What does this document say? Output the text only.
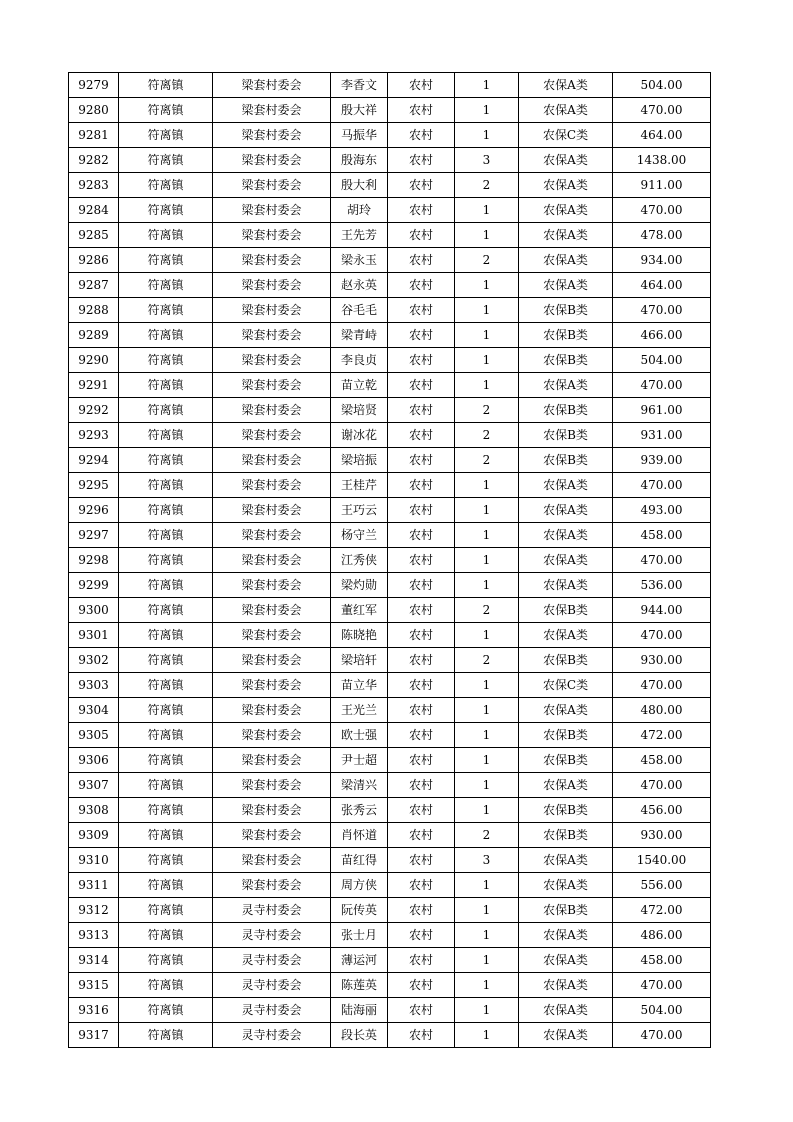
9279	符离镇	梁套村委会	李香文	农村	1	农保A类	504.00
9280	符离镇	梁套村委会	殷大祥	农村	1	农保A类	470.00
9281	符离镇	梁套村委会	马振华	农村	1	农保C类	464.00
9282	符离镇	梁套村委会	殷海东	农村	3	农保A类	1438.00
9283	符离镇	梁套村委会	殷大利	农村	2	农保A类	911.00
9284	符离镇	梁套村委会	胡玲	农村	1	农保A类	470.00
9285	符离镇	梁套村委会	王先芳	农村	1	农保A类	478.00
9286	符离镇	梁套村委会	梁永玉	农村	2	农保A类	934.00
9287	符离镇	梁套村委会	赵永英	农村	1	农保A类	464.00
9288	符离镇	梁套村委会	谷毛毛	农村	1	农保B类	470.00
9289	符离镇	梁套村委会	梁青峙	农村	1	农保B类	466.00
9290	符离镇	梁套村委会	李良贞	农村	1	农保B类	504.00
9291	符离镇	梁套村委会	苗立乾	农村	1	农保A类	470.00
9292	符离镇	梁套村委会	梁培贤	农村	2	农保B类	961.00
9293	符离镇	梁套村委会	谢冰花	农村	2	农保B类	931.00
9294	符离镇	梁套村委会	梁培振	农村	2	农保B类	939.00
9295	符离镇	梁套村委会	王桂芹	农村	1	农保A类	470.00
9296	符离镇	梁套村委会	王巧云	农村	1	农保A类	493.00
9297	符离镇	梁套村委会	杨守兰	农村	1	农保A类	458.00
9298	符离镇	梁套村委会	江秀侠	农村	1	农保A类	470.00
9299	符离镇	梁套村委会	梁灼勋	农村	1	农保A类	536.00
9300	符离镇	梁套村委会	董红军	农村	2	农保B类	944.00
9301	符离镇	梁套村委会	陈晓艳	农村	1	农保A类	470.00
9302	符离镇	梁套村委会	梁培轩	农村	2	农保B类	930.00
9303	符离镇	梁套村委会	苗立华	农村	1	农保C类	470.00
9304	符离镇	梁套村委会	王光兰	农村	1	农保A类	480.00
9305	符离镇	梁套村委会	欧士强	农村	1	农保B类	472.00
9306	符离镇	梁套村委会	尹士超	农村	1	农保B类	458.00
9307	符离镇	梁套村委会	梁清兴	农村	1	农保A类	470.00
9308	符离镇	梁套村委会	张秀云	农村	1	农保B类	456.00
9309	符离镇	梁套村委会	肖怀道	农村	2	农保B类	930.00
9310	符离镇	梁套村委会	苗红得	农村	3	农保A类	1540.00
9311	符离镇	梁套村委会	周方侠	农村	1	农保A类	556.00
9312	符离镇	灵寺村委会	阮传英	农村	1	农保B类	472.00
9313	符离镇	灵寺村委会	张士月	农村	1	农保A类	486.00
9314	符离镇	灵寺村委会	薄运河	农村	1	农保A类	458.00
9315	符离镇	灵寺村委会	陈莲英	农村	1	农保A类	470.00
9316	符离镇	灵寺村委会	陆海丽	农村	1	农保A类	504.00
9317	符离镇	灵寺村委会	段长英	农村	1	农保A类	470.00
